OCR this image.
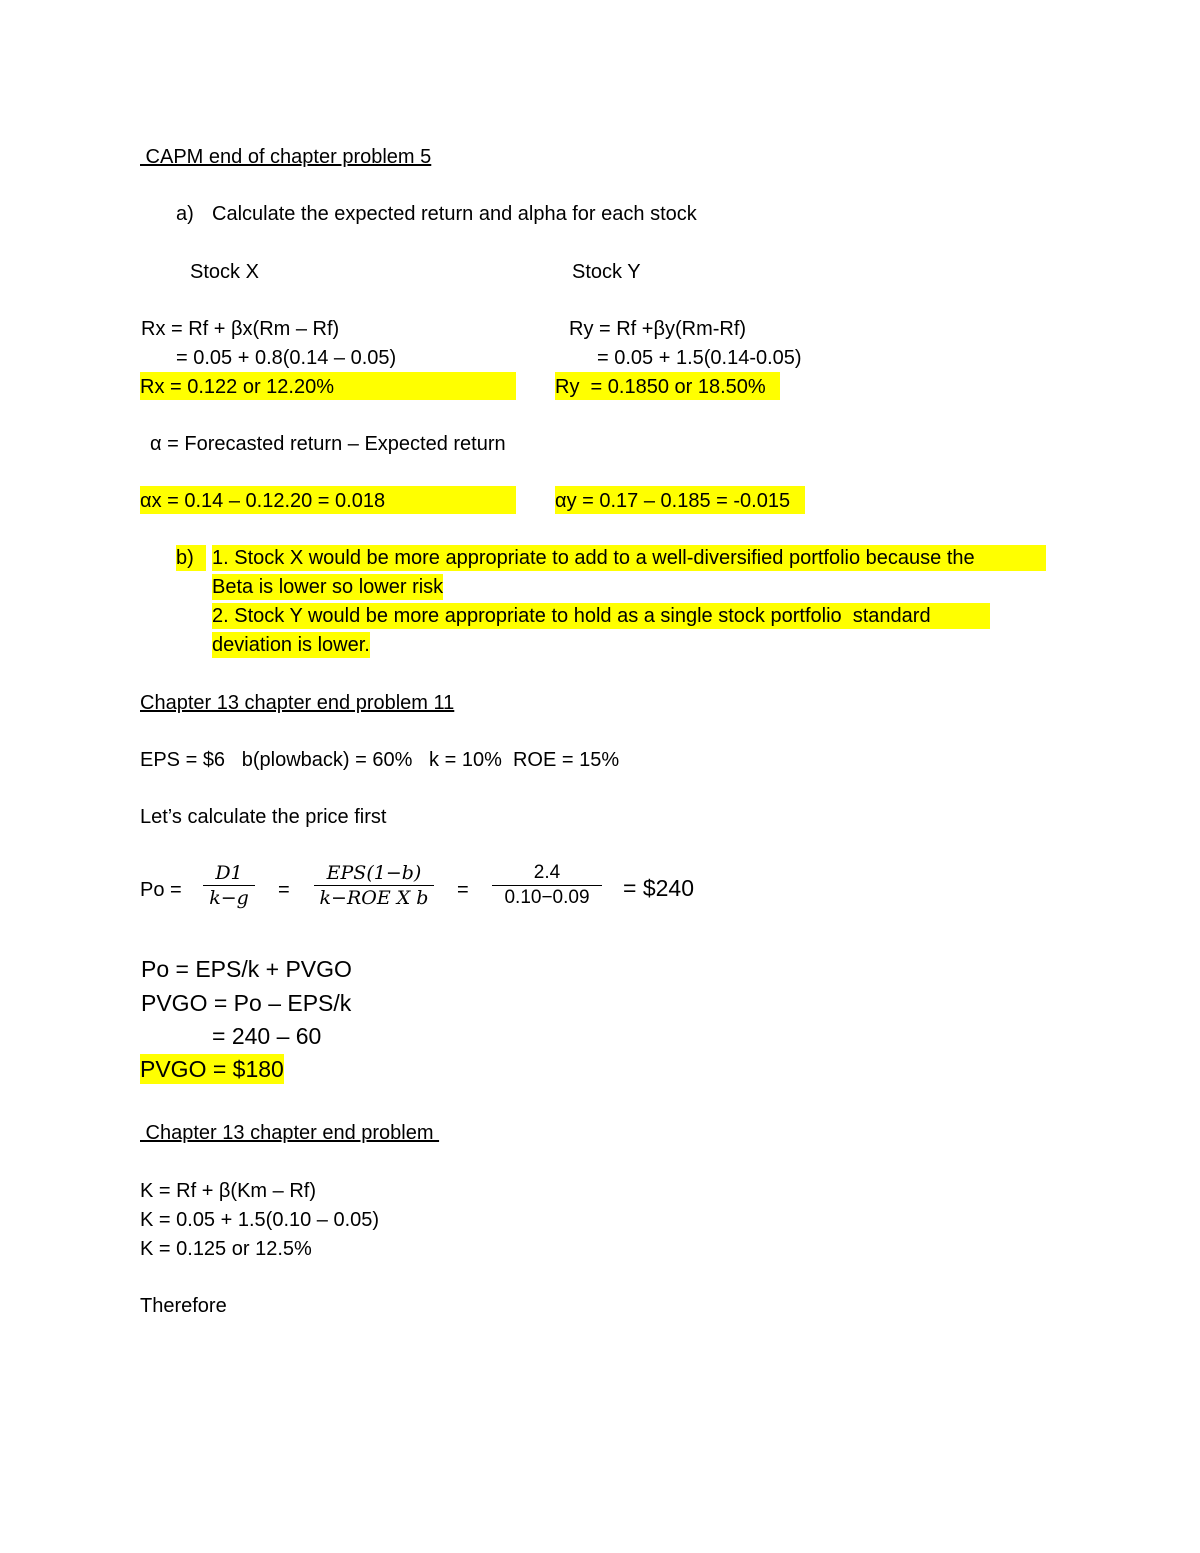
CAPM end of chapter problem 5
a) Calculate the expected return and alpha for each stock
Stock X	Stock Y
Rx = Rf + βx(Rm – Rf)	Ry = Rf +βy(Rm-Rf)
= 0.05 + 0.8(0.14 – 0.05)	= 0.05 + 1.5(0.14-0.05)
Rx = 0.122 or 12.20%	Ry  = 0.1850 or 18.50%
α = Forecasted return – Expected return
αx = 0.14 – 0.12.20 = 0.018	αy = 0.17 – 0.185 = -0.015
b) 1. Stock X would be more appropriate to add to a well-diversified portfolio because the
Beta is lower so lower risk
2. Stock Y would be more appropriate to hold as a single stock portfolio  standard
deviation is lower.
Chapter 13 chapter end problem 11
EPS = $6   b(plowback) = 60%   k = 10%  ROE = 15%
Let’s calculate the price first
Po =
D1
k−g	=
EPS(1−b)
k−ROE X b =
2.4
0.10−0.09	= $240
Po = EPS/k + PVGO
PVGO = Po – EPS/k
= 240 – 60
PVGO = $180
Chapter 13 chapter end problem
K = Rf + β(Km – Rf)
K = 0.05 + 1.5(0.10 – 0.05)
K = 0.125 or 12.5%
Therefore
